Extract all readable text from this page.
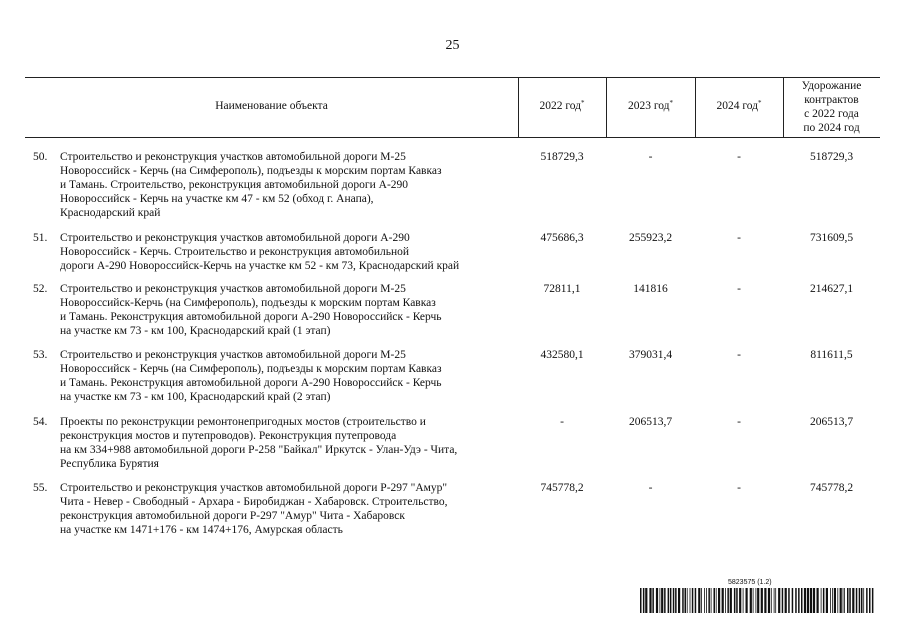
25
Наименование объекта	2022 год*	2023 год*	2024 год*
Удорожание
контрактов
с 2022 года
по 2024 год
50. Строительство и реконструкция участков автомобильной дороги М-25
Новороссийск - Керчь (на Симферополь), подъезды к морским портам Кавказ
и Тамань. Строительство, реконструкция автомобильной дороги А-290
Новороссийск - Керчь на участке км 47 - км 52 (обход г. Анапа),
Краснодарский край
518729,3	-	-	518729,3
51. Строительство и реконструкция участков автомобильной дороги А-290
Новороссийск - Керчь. Строительство и реконструкция автомобильной
дороги А-290 Новороссийск-Керчь на участке км 52 - км 73, Краснодарский край
475686,3	255923,2	-	731609,5
52. Строительство и реконструкция участков автомобильной дороги М-25
Новороссийск-Керчь (на Симферополь), подъезды к морским портам Кавказ
и Тамань. Реконструкция автомобильной дороги А-290 Новороссийск - Керчь
на участке км 73 - км 100, Краснодарский край (1 этап)
72811,1	141816	-	214627,1
53. Строительство и реконструкция участков автомобильной дороги М-25
Новороссийск - Керчь (на Симферополь), подъезды к морским портам Кавказ
и Тамань. Реконструкция автомобильной дороги А-290 Новороссийск - Керчь
на участке км 73 - км 100, Краснодарский край (2 этап)
432580,1	379031,4	-	811611,5
54. Проекты по реконструкции ремонтонепригодных мостов (строительство и
реконструкция мостов и путепроводов). Реконструкция путепровода
на км 334+988 автомобильной дороги Р-258 "Байкал" Иркутск - Улан-Удэ - Чита,
Республика Бурятия
-	206513,7	-	206513,7
55. Строительство и реконструкция участков автомобильной дороги Р-297 "Амур"
Чита - Невер - Свободный - Архара - Биробиджан - Хабаровск. Строительство,
реконструкция автомобильной дороги Р-297 "Амур" Чита - Хабаровск
на участке км 1471+176 - км 1474+176, Амурская область
745778,2	-	-	745778,2
5823575 (1.2)
